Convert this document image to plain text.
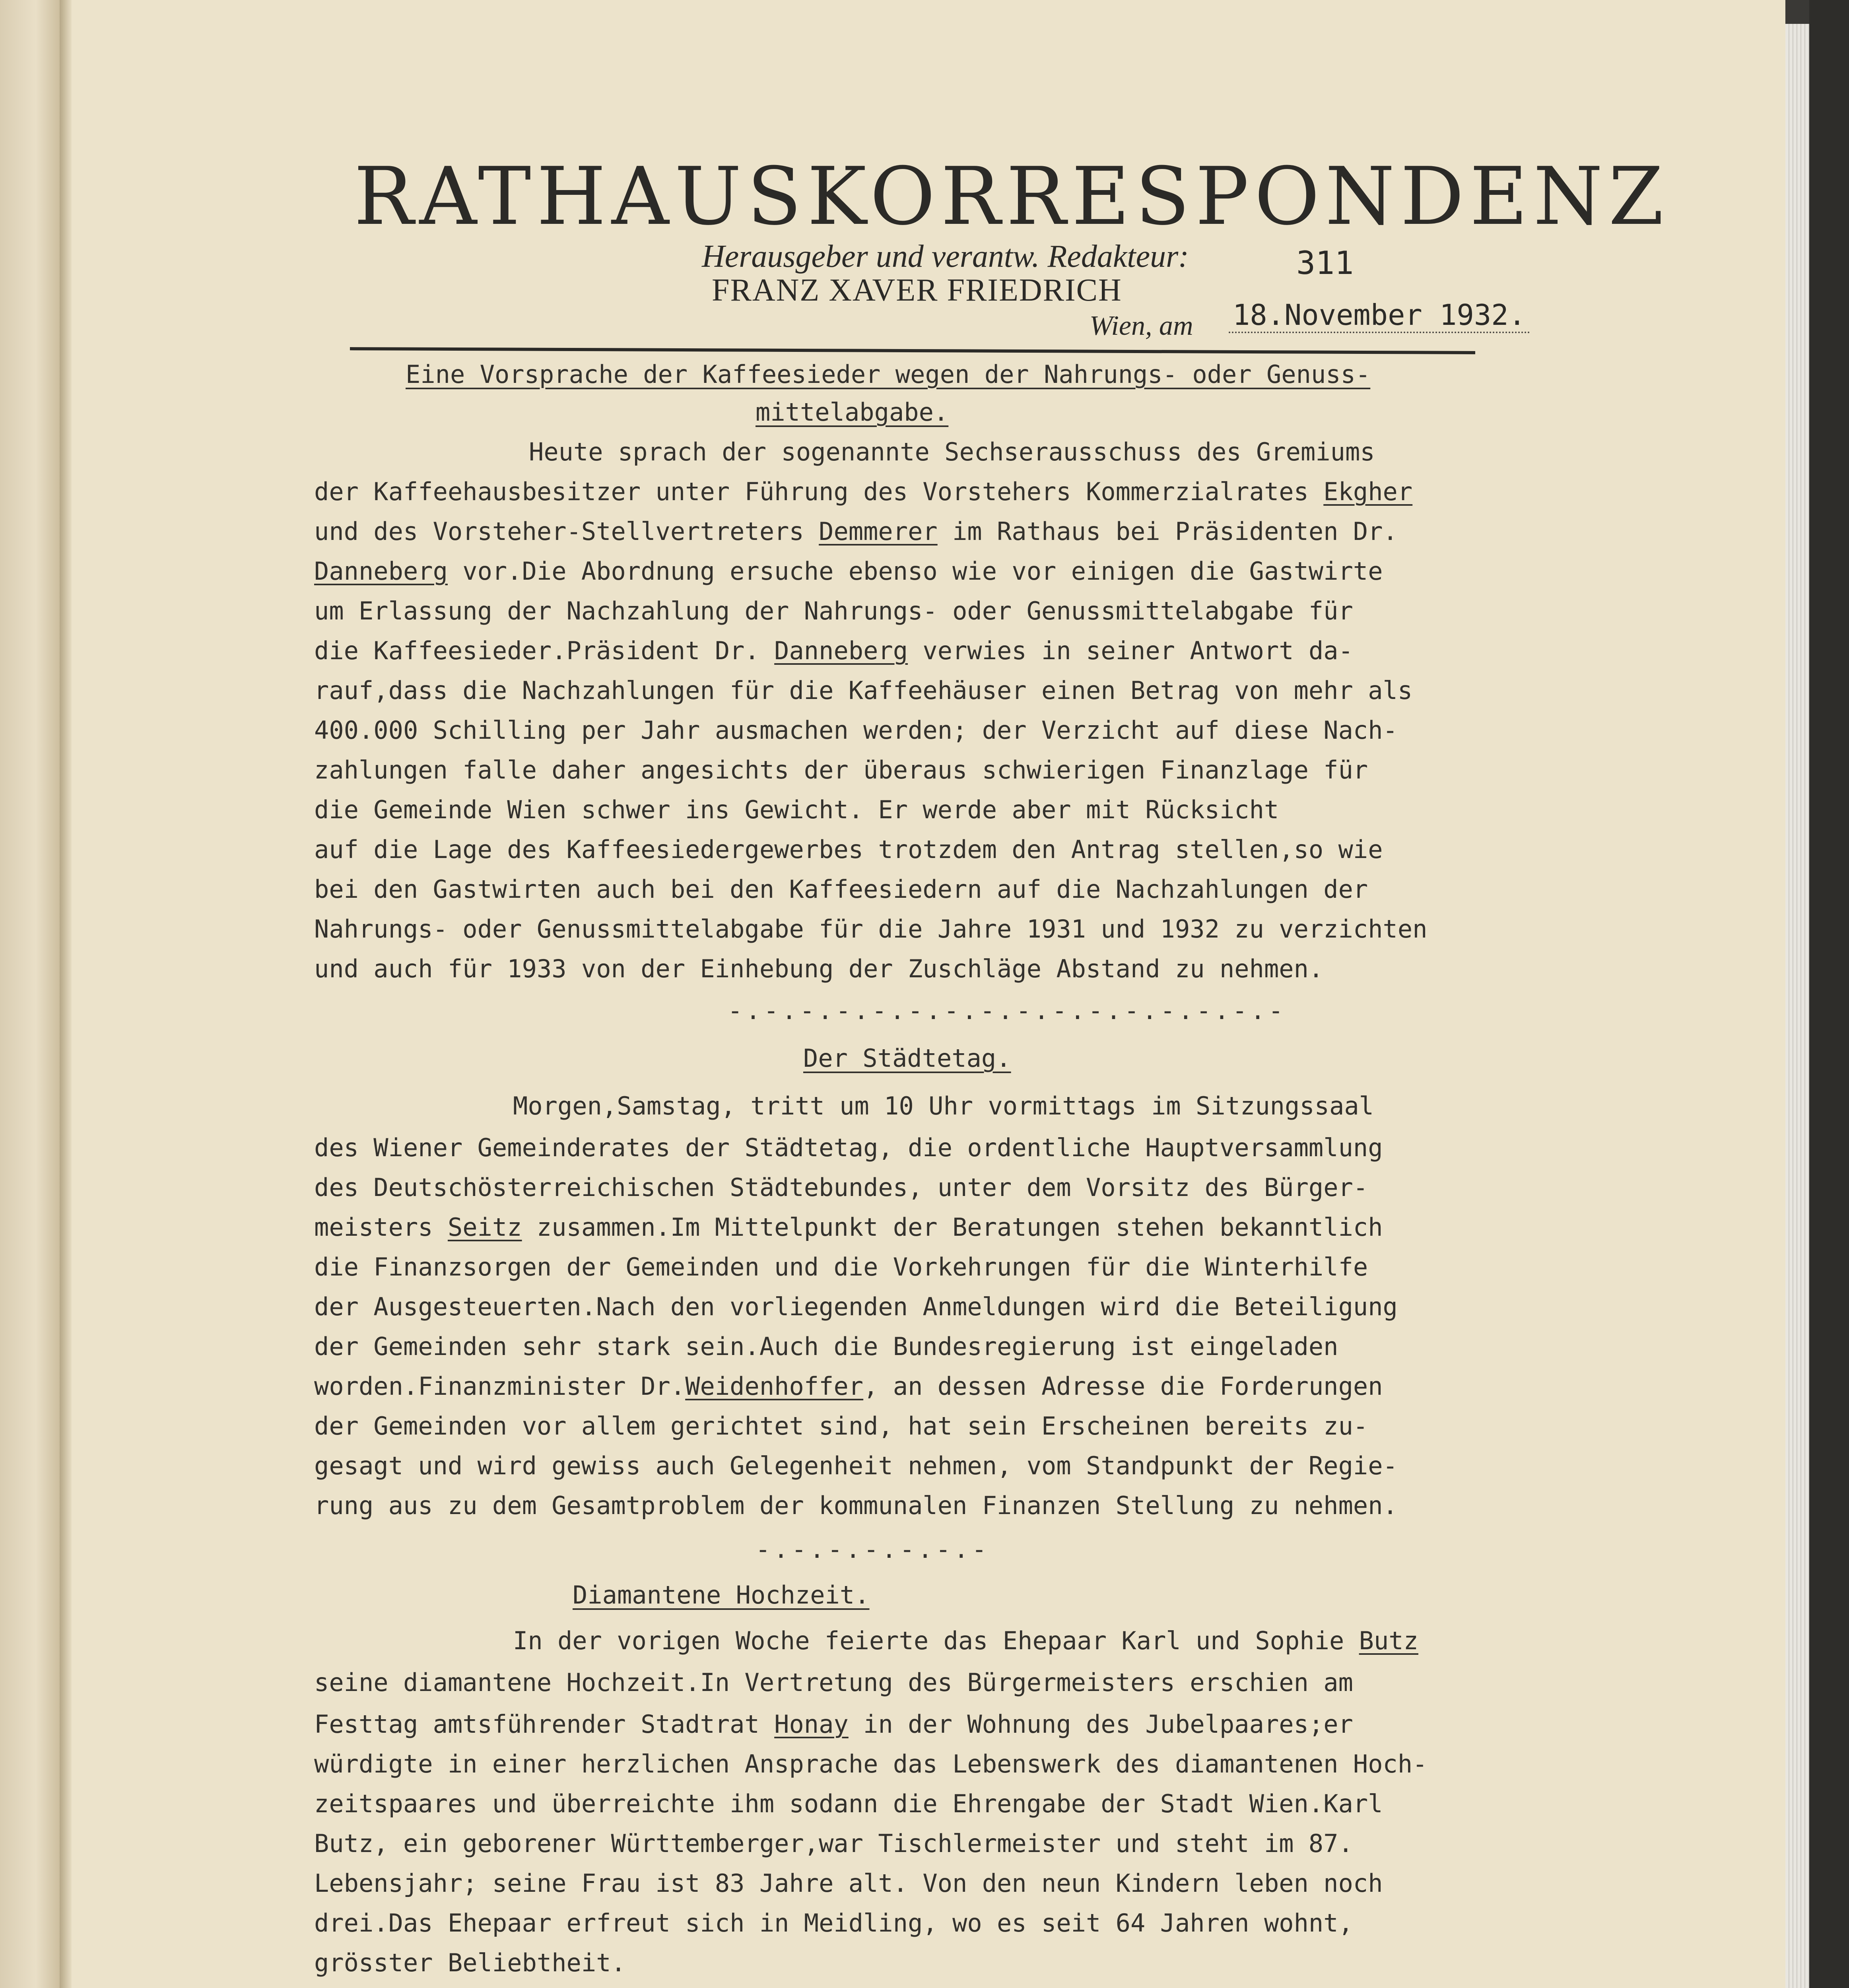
RATHAUSKORRESPONDENZ
Herausgeber und verantw. Redakteur:
FRANZ XAVER FRIEDRICH
311
Wien, am 18.November 1932.
Eine Vorsprache der Kaffeesieder wegen der Nahrungs- oder Genuss-
mittelabgabe.
Heute sprach der sogenannte Sechserausschuss des Gremiums
der Kaffeehausbesitzer unter Führung des Vorstehers Kommerzialrates Ekgher
und des Vorsteher-Stellvertreters Demmerer im Rathaus bei Präsidenten Dr.
Danneberg vor.Die Abordnung ersuche ebenso wie vor einigen die Gastwirte
um Erlassung der Nachzahlung der Nahrungs- oder Genussmittelabgabe für
die Kaffeesieder.Präsident Dr. Danneberg verwies in seiner Antwort da-
rauf,dass die Nachzahlungen für die Kaffeehäuser einen Betrag von mehr als
400.000 Schilling per Jahr ausmachen werden; der Verzicht auf diese Nach-
zahlungen falle daher angesichts der überaus schwierigen Finanzlage für
die Gemeinde Wien schwer ins Gewicht. Er werde aber mit Rücksicht
auf die Lage des Kaffeesiedergewerbes trotzdem den Antrag stellen,so wie
bei den Gastwirten auch bei den Kaffeesiedern auf die Nachzahlungen der
Nahrungs- oder Genussmittelabgabe für die Jahre 1931 und 1932 zu verzichten
und auch für 1933 von der Einhebung der Zuschläge Abstand zu nehmen.
-.-.-.-.-.-.-.-.-.-.-.-.-.-.-.-
Der Städtetag.
Morgen,Samstag, tritt um 10 Uhr vormittags im Sitzungssaal
des Wiener Gemeinderates der Städtetag, die ordentliche Hauptversammlung
des Deutschösterreichischen Städtebundes, unter dem Vorsitz des Bürger-
meisters Seitz zusammen.Im Mittelpunkt der Beratungen stehen bekanntlich
die Finanzsorgen der Gemeinden und die Vorkehrungen für die Winterhilfe
der Ausgesteuerten.Nach den vorliegenden Anmeldungen wird die Beteiligung
der Gemeinden sehr stark sein.Auch die Bundesregierung ist eingeladen
worden.Finanzminister Dr.Weidenhoffer, an dessen Adresse die Forderungen
der Gemeinden vor allem gerichtet sind, hat sein Erscheinen bereits zu-
gesagt und wird gewiss auch Gelegenheit nehmen, vom Standpunkt der Regie-
rung aus zu dem Gesamtproblem der kommunalen Finanzen Stellung zu nehmen.
-.-.-.-.-.-.-
Diamantene Hochzeit.
In der vorigen Woche feierte das Ehepaar Karl und Sophie Butz
seine diamantene Hochzeit.In Vertretung des Bürgermeisters erschien am
Festtag amtsführender Stadtrat Honay in der Wohnung des Jubelpaares;er
würdigte in einer herzlichen Ansprache das Lebenswerk des diamantenen Hoch-
zeitspaares und überreichte ihm sodann die Ehrengabe der Stadt Wien.Karl
Butz, ein geborener Württemberger,war Tischlermeister und steht im 87.
Lebensjahr; seine Frau ist 83 Jahre alt. Von den neun Kindern leben noch
drei.Das Ehepaar erfreut sich in Meidling, wo es seit 64 Jahren wohnt,
grösster Beliebtheit.
